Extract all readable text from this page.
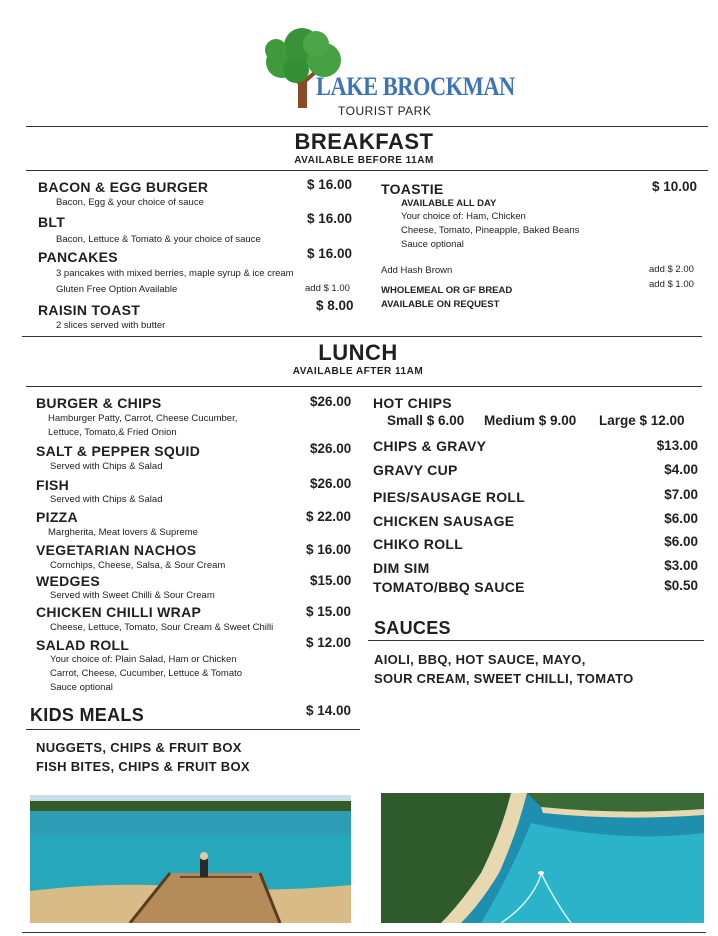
LAKE BROCKMAN
TOURIST PARK
BREAKFAST
AVAILABLE BEFORE 11AM
BACON & EGG BURGER	$ 16.00
Bacon, Egg & your choice of sauce
BLT	$ 16.00
Bacon, Lettuce & Tomato & your choice of sauce
PANCAKES	$ 16.00
3 pancakes with mixed berries, maple syrup & ice cream
Gluten Free Option Available	add $ 1.00
RAISIN TOAST	$ 8.00
2 slices served with butter
TOASTIE	$ 10.00
AVAILABLE ALL DAY
Your choice of: Ham, Chicken
Cheese, Tomato, Pineapple, Baked Beans
Sauce optional
Add Hash Brown	add $ 2.00
WHOLEMEAL OR GF BREAD
add $ 1.00
AVAILABLE ON REQUEST
LUNCH
AVAILABLE AFTER 11AM
BURGER & CHIPS	$26.00
Hamburger Patty, Carrot, Cheese Cucumber,
Lettuce, Tomato,& Fried Onion
SALT & PEPPER SQUID	$26.00
Served with Chips & Salad
FISH	$26.00
Served with Chips & Salad
PIZZA	$ 22.00
Margherita, Meat lovers & Supreme
VEGETARIAN NACHOS	$ 16.00
Cornchips, Cheese, Salsa, & Sour Cream
WEDGES	$15.00
Served with Sweet Chilli & Sour Cream
CHICKEN CHILLI WRAP	$ 15.00
Cheese, Lettuce, Tomato, Sour Cream & Sweet Chilli
SALAD ROLL	$ 12.00
Your choice of: Plain Salad, Ham or Chicken
Carrot, Cheese, Cucumber, Lettuce & Tomato
Sauce optional
HOT CHIPS
Small $ 6.00 Medium $ 9.00 Large $ 12.00
CHIPS & GRAVY	$13.00
GRAVY CUP	$4.00
PIES/SAUSAGE ROLL	$7.00
CHICKEN SAUSAGE	$6.00
CHIKO ROLL	$6.00
DIM SIM	$3.00
TOMATO/BBQ SAUCE	$0.50
SAUCES
AIOLI, BBQ, HOT SAUCE, MAYO,
SOUR CREAM, SWEET CHILLI, TOMATO
KIDS MEALS	$ 14.00
NUGGETS, CHIPS & FRUIT BOX
FISH BITES, CHIPS & FRUIT BOX
